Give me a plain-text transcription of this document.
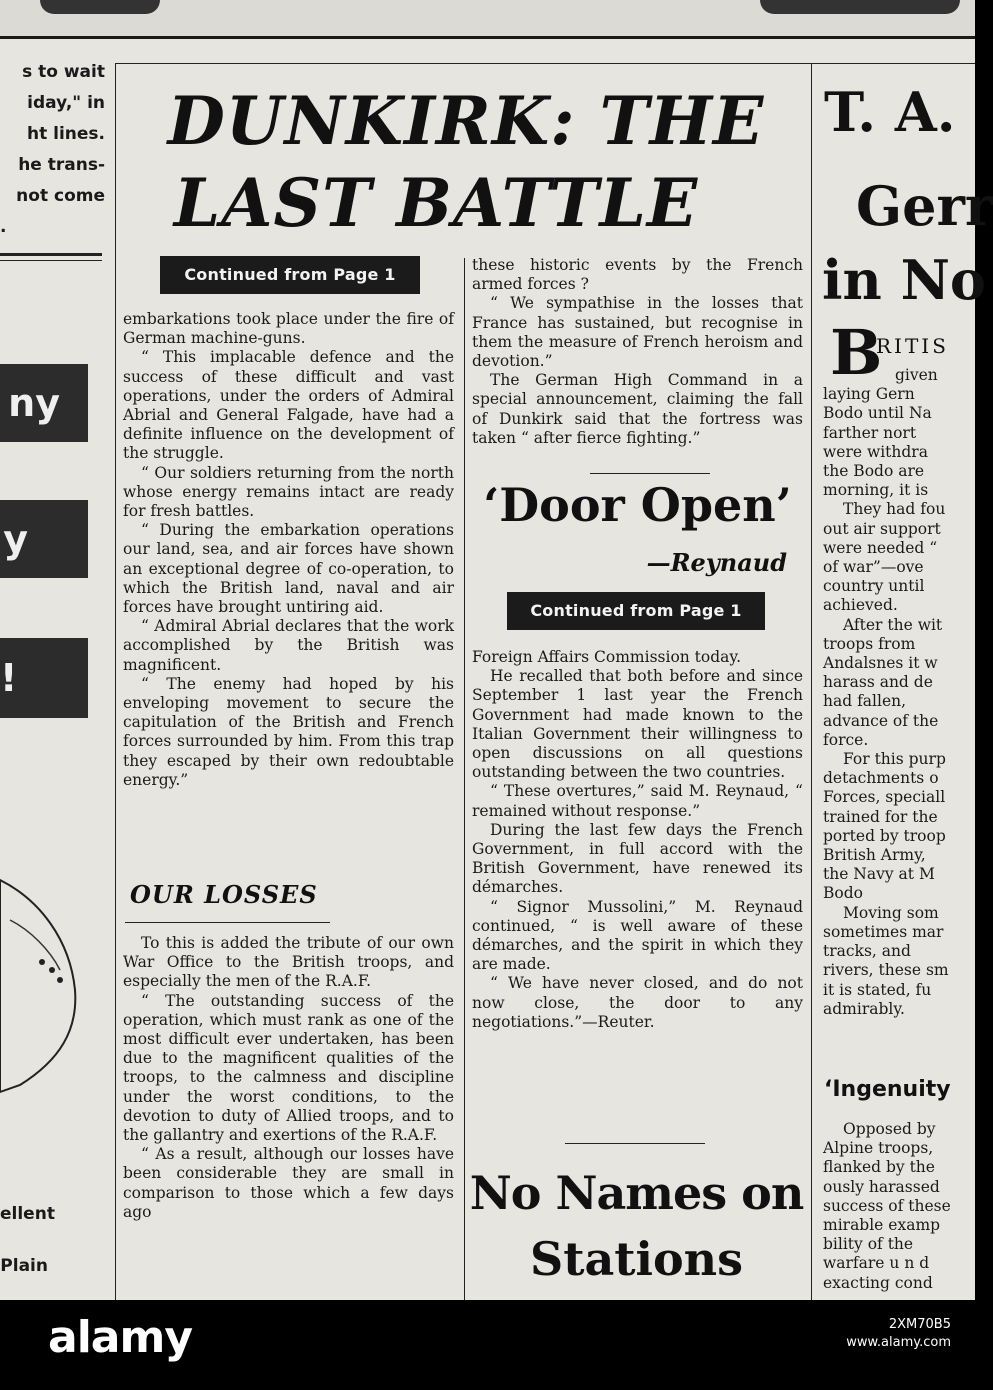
s to wait
iday," in
ht lines.
he trans-
not come
.
ny
y
!
ellent
Plain
DUNKIRK: THE
LAST BATTLE
Continued from Page 1

embarkations took place under the fire of German machine-guns.

“ This implacable defence and the success of these difficult and vast operations, under the orders of Admiral Abrial and General Falgade, have had a definite influence on the development of the struggle.

“ Our soldiers returning from the north whose energy remains intact are ready for fresh battles.

“ During the embarkation operations our land, sea, and air forces have shown an exceptional degree of co-operation, to which the British land, naval and air forces have brought untiring aid.

“ Admiral Abrial declares that the work accomplished by the British was magnificent.

“ The enemy had hoped by his enveloping movement to secure the capitulation of the British and French forces surrounded by him. From this trap they escaped by their own redoubtable energy.”

OUR LOSSES

To this is added the tribute of our own War Office to the British troops, and especially the men of the R.A.F.

“ The outstanding success of the operation, which must rank as one of the most difficult ever undertaken, has been due to the magnificent qualities of the troops, to the calmness and discipline under the worst conditions, to the devotion to duty of Allied troops, and to the gallantry and exertions of the R.A.F.

“ As a result, although our losses have been considerable they are small in comparison to those which a few days ago

these historic events by the French armed forces ?

“ We sympathise in the losses that France has sustained, but recognise in them the measure of French heroism and devotion.”

The German High Command in a special announcement, claiming the fall of Dunkirk said that the fortress was taken “ after fierce fighting.”

‘Door Open’
—Reynaud
Continued from Page 1

Foreign Affairs Commission today.

He recalled that both before and since September 1 last year the French Government had made known to the Italian Government their willingness to open discussions on all questions outstanding between the two countries.

“ These overtures,” said M. Reynaud, “ remained without response.”

During the last few days the French Government, in full accord with the British Government, have renewed its démarches.

“ Signor Mussolini,” M. Reynaud continued, “ is well aware of these démarches, and the spirit in which they are made.

“ We have never closed, and do not now close, the door to any negotiations.”—Reuter.

No Names on
Stations
T. A.
Gerr
in No
B
RITIS
given
laying Gern
Bodo until Na
farther nort
were withdra
the Bodo are
morning, it is
They had fou
out air support
were needed “
of war”—ove
country until
achieved.
After the wit
troops from
Andalsnes it w
harass and de
had fallen,
advance of the
force.
For this purp
detachments o
Forces, speciall
trained for the
ported by troop
British Army,
the Navy at M
Bodo
Moving som
sometimes mar
tracks, and
rivers, these sm
it is stated, fu
admirably.
‘Ingenuity
Opposed by
Alpine troops,
flanked by the
ously harassed
success of these
mirable examp
bility of the
warfare u n d
exacting cond
alamy	2XM70B5
www.alamy.com
